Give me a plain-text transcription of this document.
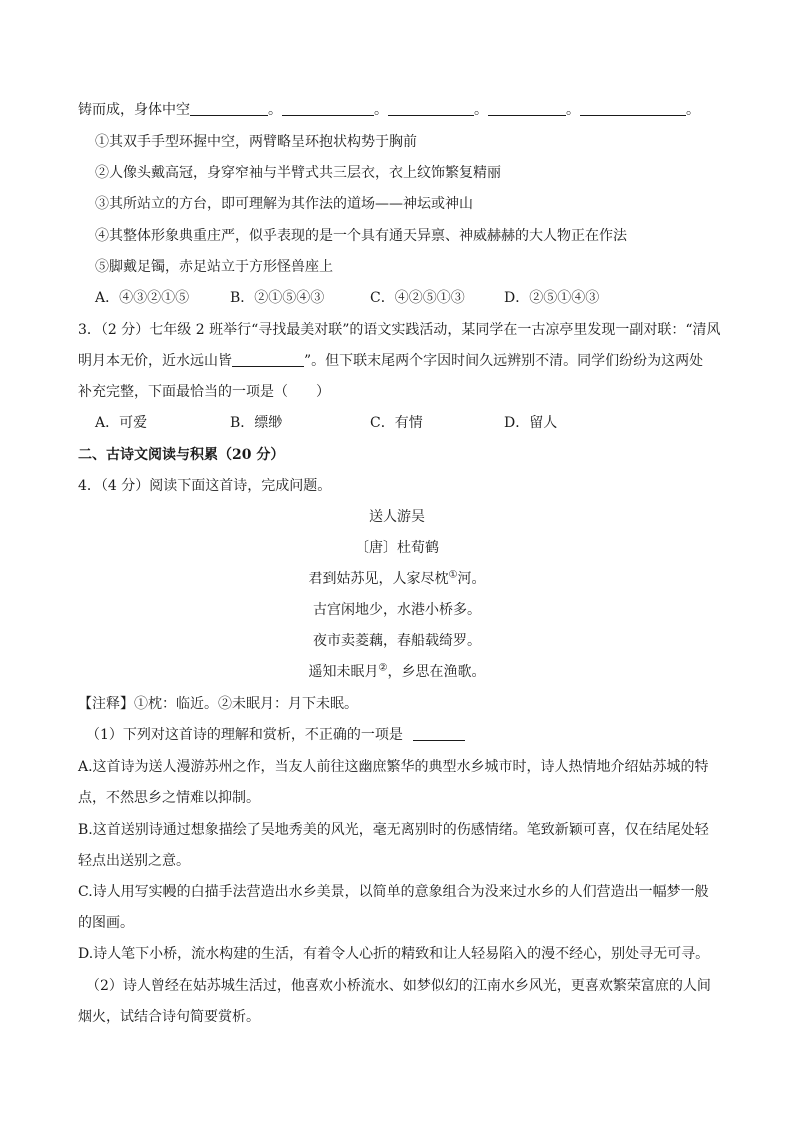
铸而成，身体中空	。	。	。	。	。
①其双手手型环握中空，两臂略呈环抱状构势于胸前
②人像头戴高冠，身穿窄袖与半臂式共三层衣，衣上纹饰繁复精丽
③其所站立的方台，即可理解为其作法的道场——神坛或神山
④其整体形象典重庄严，似乎表现的是一个具有通天异禀、神威赫赫的大人物正在作法
⑤脚戴足镯，赤足站立于方形怪兽座上
A．④③②①⑤	B．②①⑤④③	C．④②⑤①③	D．②⑤①④③
3．（2 分）七年级 2 班举行“寻找最美对联”的语文实践活动，某同学在一古凉亭里发现一副对联：“清风
明月本无价，近水远山皆	”。但下联末尾两个字因时间久远辨别不清。同学们纷纷为这两处
补充完整，下面最恰当的一项是（　　）
A．可爱	B．缥缈	C．有情	D．留人
二、古诗文阅读与积累（20 分）
4．（4 分）阅读下面这首诗，完成问题。
送人游吴
〔唐〕杜荀鹤
君到姑苏见，人家尽枕①河。
古宫闲地少，水港小桥多。
夜市卖菱藕，春船载绮罗。
遥知未眠月②，乡思在渔歌。
【注释】①枕：临近。②未眠月：月下未眠。
（1）下列对这首诗的理解和赏析，不正确的一项是
A.这首诗为送人漫游苏州之作，当友人前往这幽庶繁华的典型水乡城市时，诗人热情地介绍姑苏城的特
点，不然思乡之情难以抑制。
B.这首送别诗通过想象描绘了吴地秀美的风光，毫无离别时的伤感情绪。笔致新颖可喜，仅在结尾处轻
轻点出送别之意。
C.诗人用写实幔的白描手法营造出水乡美景，以简单的意象组合为没来过水乡的人们营造出一幅梦一般
的图画。
D.诗人笔下小桥，流水构建的生活，有着令人心折的精致和让人轻易陷入的漫不经心，别处寻无可寻。
（2）诗人曾经在姑苏城生活过，他喜欢小桥流水、如梦似幻的江南水乡风光，更喜欢繁荣富庶的人间
烟火，试结合诗句简要赏析。
